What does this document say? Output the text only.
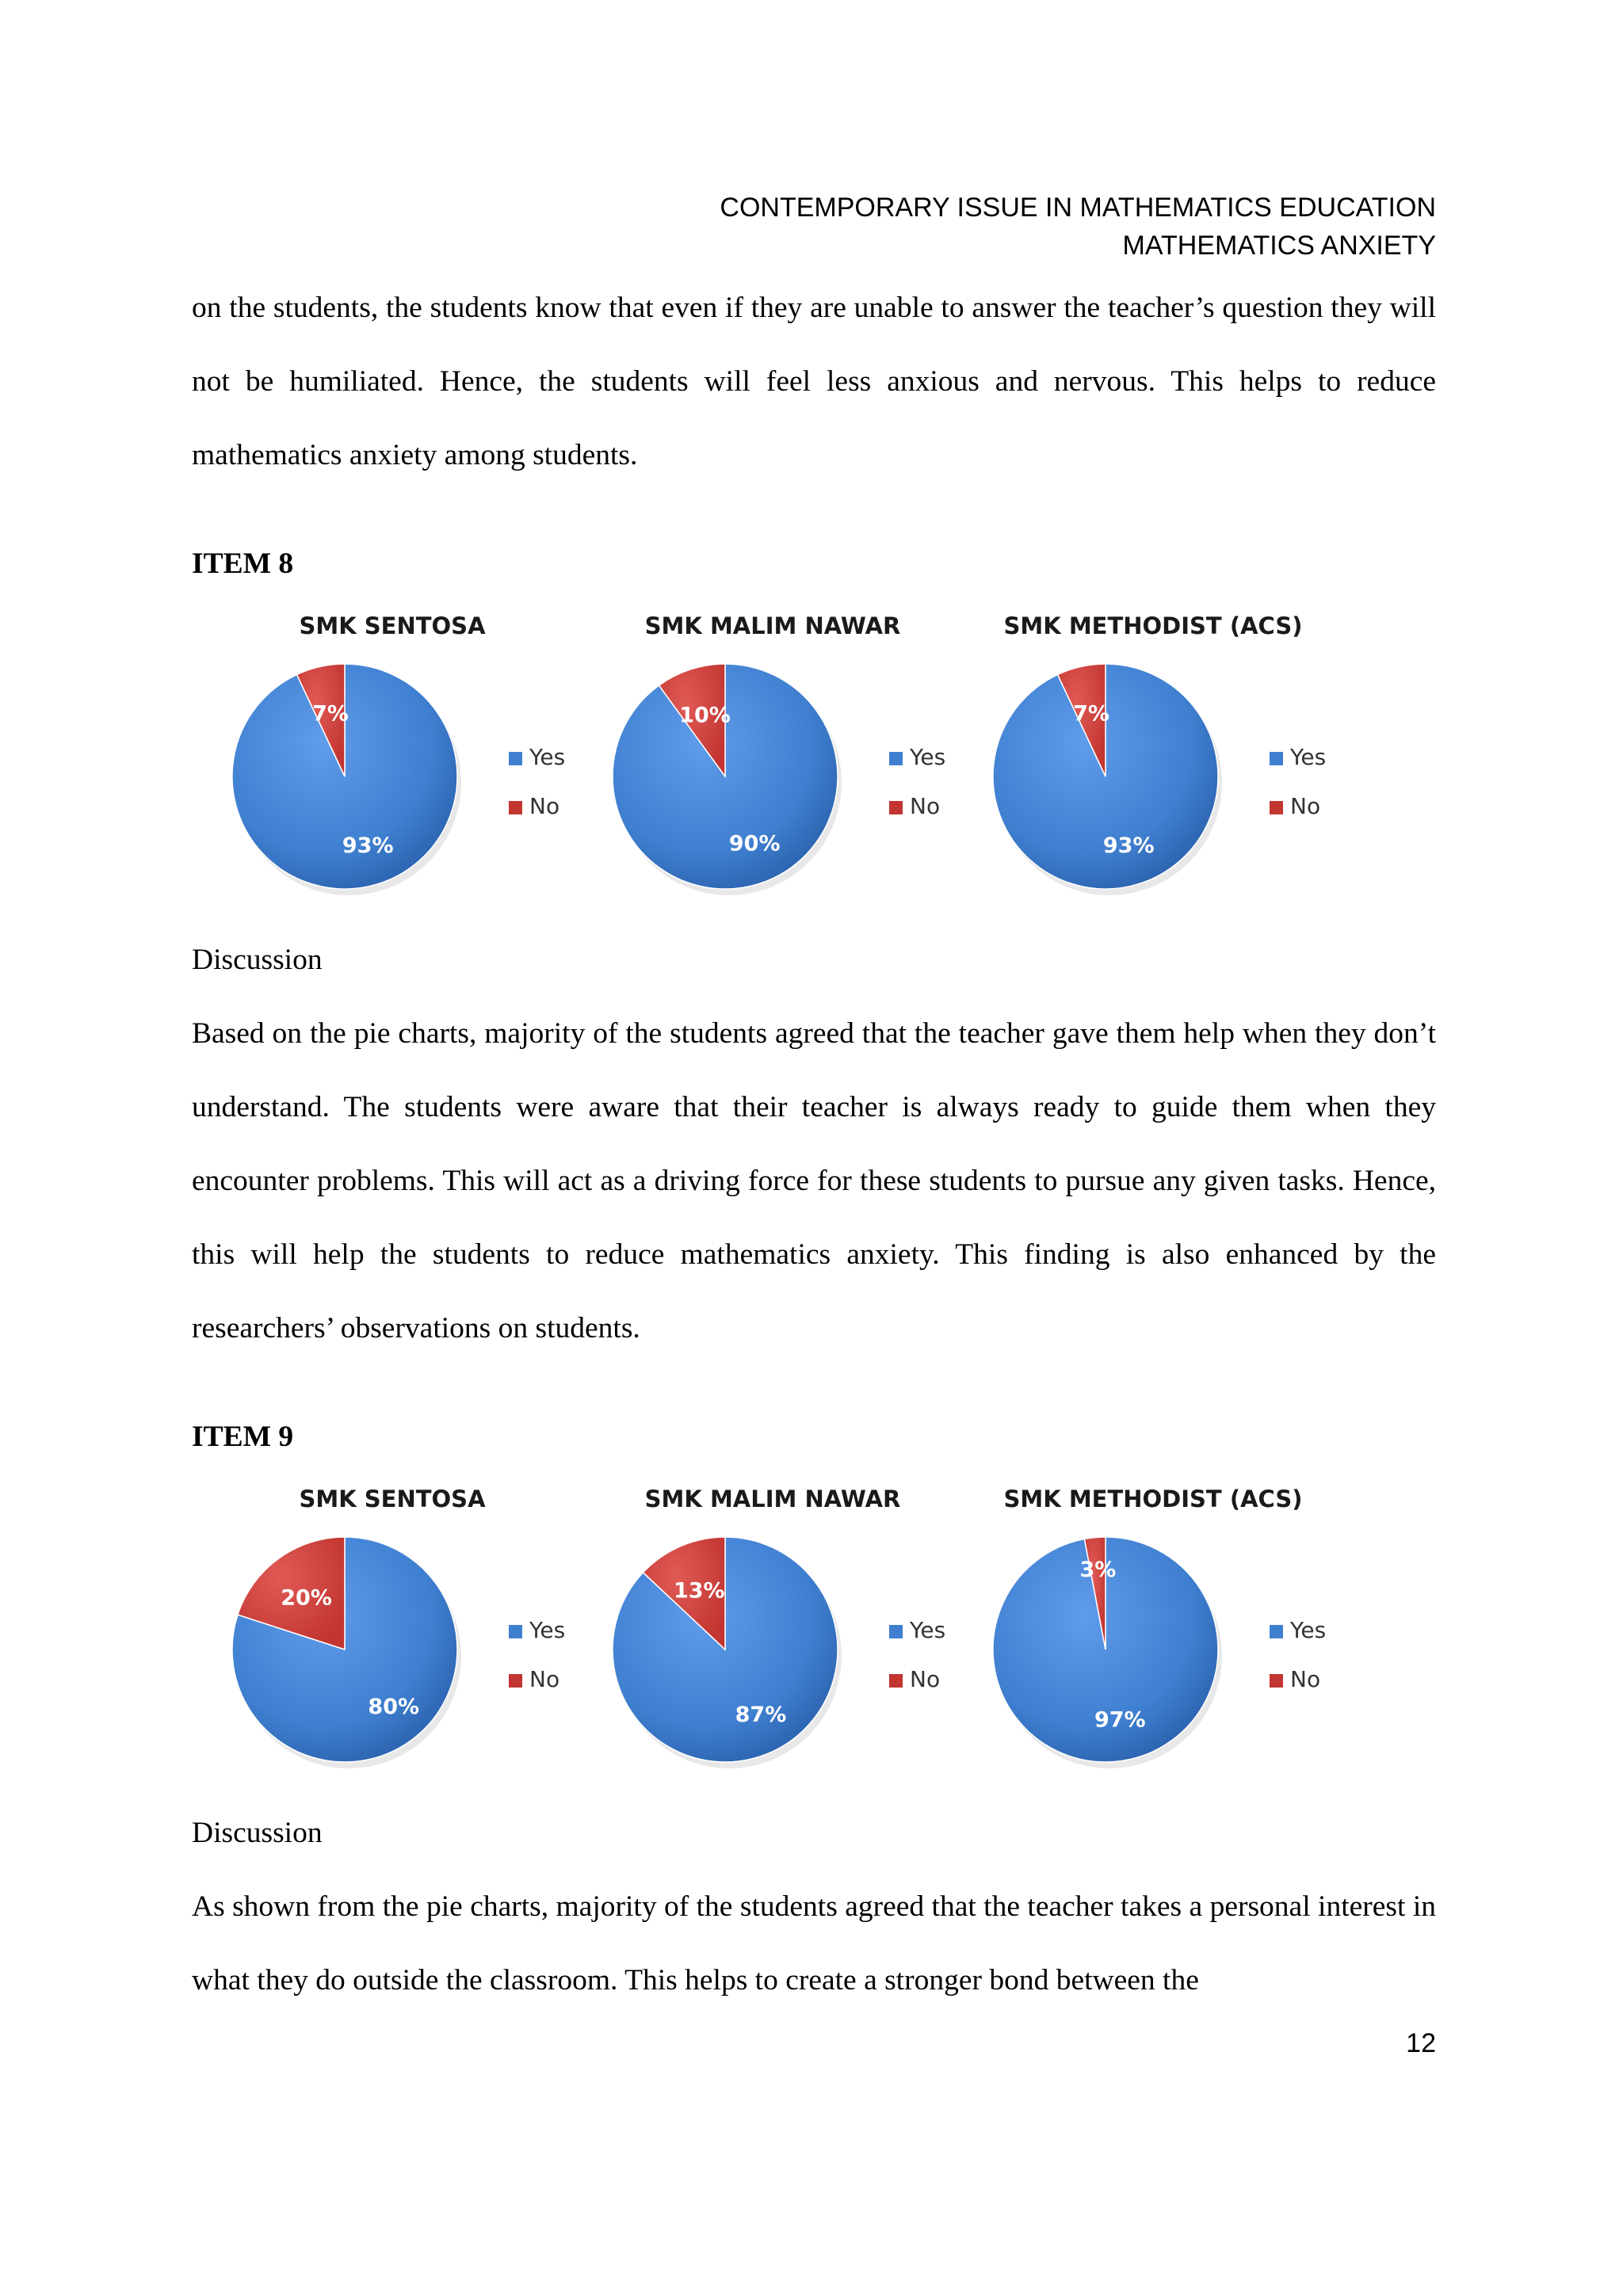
CONTEMPORARY ISSUE IN MATHEMATICS EDUCATION
MATHEMATICS ANXIETY

on the students, the students know that even if they are unable to answer the teacher’s question they will not be humiliated. Hence, the students will feel less anxious and nervous. This helps to reduce mathematics anxiety among students.

ITEM 8
SMK SENTOSA
7%
93%
Yes
No
SMK MALIM NAWAR
10%
90%
Yes
No
SMK METHODIST (ACS)
7%
93%
Yes
No
Discussion

Based on the pie charts, majority of the students agreed that the teacher gave them help when they don’t understand. The students were aware that their teacher is always ready to guide them when they encounter problems. This will act as a driving force for these students to pursue any given tasks. Hence, this will help the students to reduce mathematics anxiety. This finding is also enhanced by the researchers’ observations on students.

ITEM 9
SMK SENTOSA
20%
80%
Yes
No
SMK MALIM NAWAR
13%
87%
Yes
No
SMK METHODIST (ACS)
3%
97%
Yes
No
Discussion

As shown from the pie charts, majority of the students agreed that the teacher takes a personal interest in what they do outside the classroom. This helps to create a stronger bond between the

12
